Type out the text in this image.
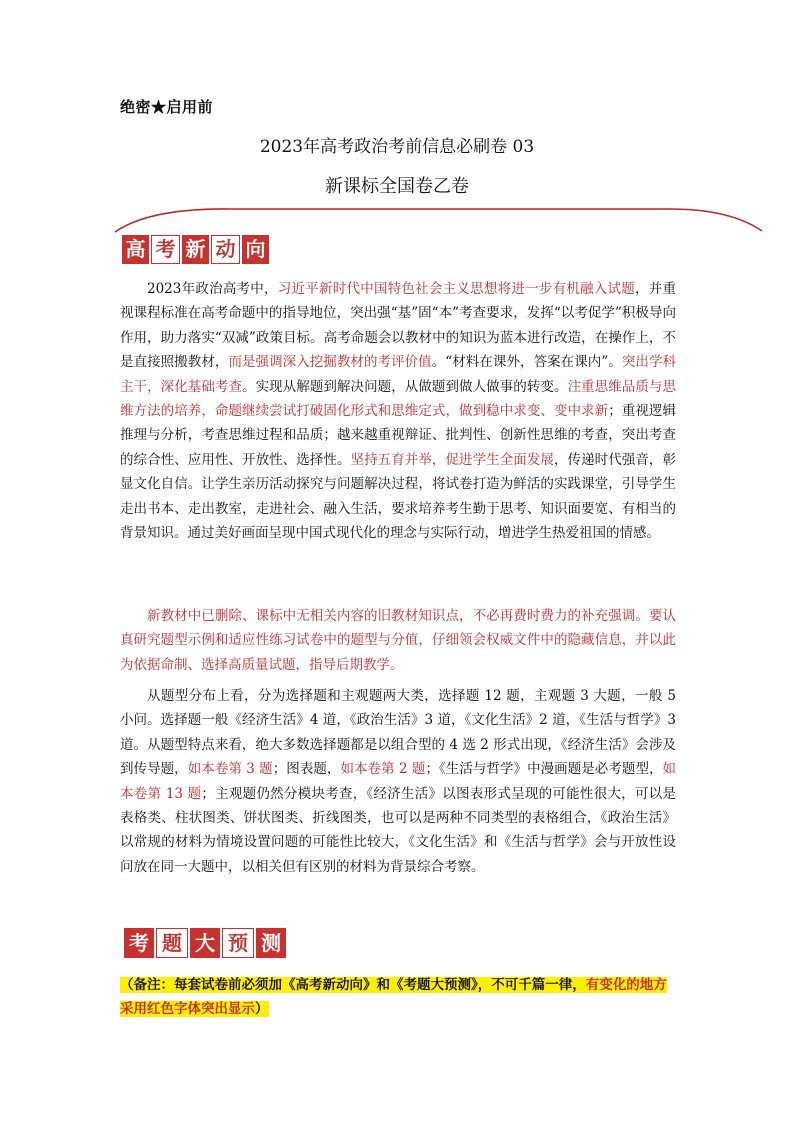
绝密★启用前
2023年高考政治考前信息必刷卷 03
新课标全国卷乙卷
高 考 新 动 向
2023年政治高考中，习近平新时代中国特色社会主义思想将进一步有机融入试题，并重视课程标准在高考命题中的指导地位，突出强“基”固“本”考查要求，发挥“以考促学”积极导向作用，助力落实“双减”政策目标。高考命题会以教材中的知识为蓝本进行改造，在操作上，不是直接照搬教材，而是强调深入挖掘教材的考评价值。“材料在课外，答案在课内”。突出学科主干，深化基础考查。实现从解题到解决问题，从做题到做人做事的转变。注重思维品质与思维方法的培养，命题继续尝试打破固化形式和思维定式，做到稳中求变、变中求新；重视逻辑推理与分析，考查思维过程和品质；越来越重视辩证、批判性、创新性思维的考查，突出考查的综合性、应用性、开放性、选择性。坚持五育并举，促进学生全面发展，传递时代强音，彰显文化自信。让学生亲历活动探究与问题解决过程，将试卷打造为鲜活的实践课堂，引导学生走出书本、走出教室，走进社会、融入生活，要求培养考生勤于思考、知识面要宽、有相当的背景知识。通过美好画面呈现中国式现代化的理念与实际行动，增进学生热爱祖国的情感。
新教材中已删除、课标中无相关内容的旧教材知识点，不必再费时费力的补充强调。要认真研究题型示例和适应性练习试卷中的题型与分值，仔细领会权威文件中的隐藏信息，并以此为依据命制、选择高质量试题，指导后期教学。
从题型分布上看，分为选择题和主观题两大类，选择题 12 题，主观题 3 大题，一般 5 小问。选择题一般《经济生活》4 道，《政治生活》3 道，《文化生活》2 道，《生活与哲学》3 道。从题型特点来看，绝大多数选择题都是以组合型的 4 选 2 形式出现，《经济生活》会涉及到传导题，如本卷第 3 题；图表题，如本卷第 2 题；《生活与哲学》中漫画题是必考题型，如本卷第 13 题；主观题仍然分模块考查，《经济生活》以图表形式呈现的可能性很大，可以是表格类、柱状图类、饼状图类、折线图类，也可以是两种不同类型的表格组合，《政治生活》以常规的材料为情境设置问题的可能性比较大，《文化生活》和《生活与哲学》会与开放性设问放在同一大题中，以相关但有区别的材料为背景综合考察。
考 题 大 预 测
（备注：每套试卷前必须加《高考新动向》和《考题大预测》，不可千篇一律，有变化的地方采用红色字体突出显示）
